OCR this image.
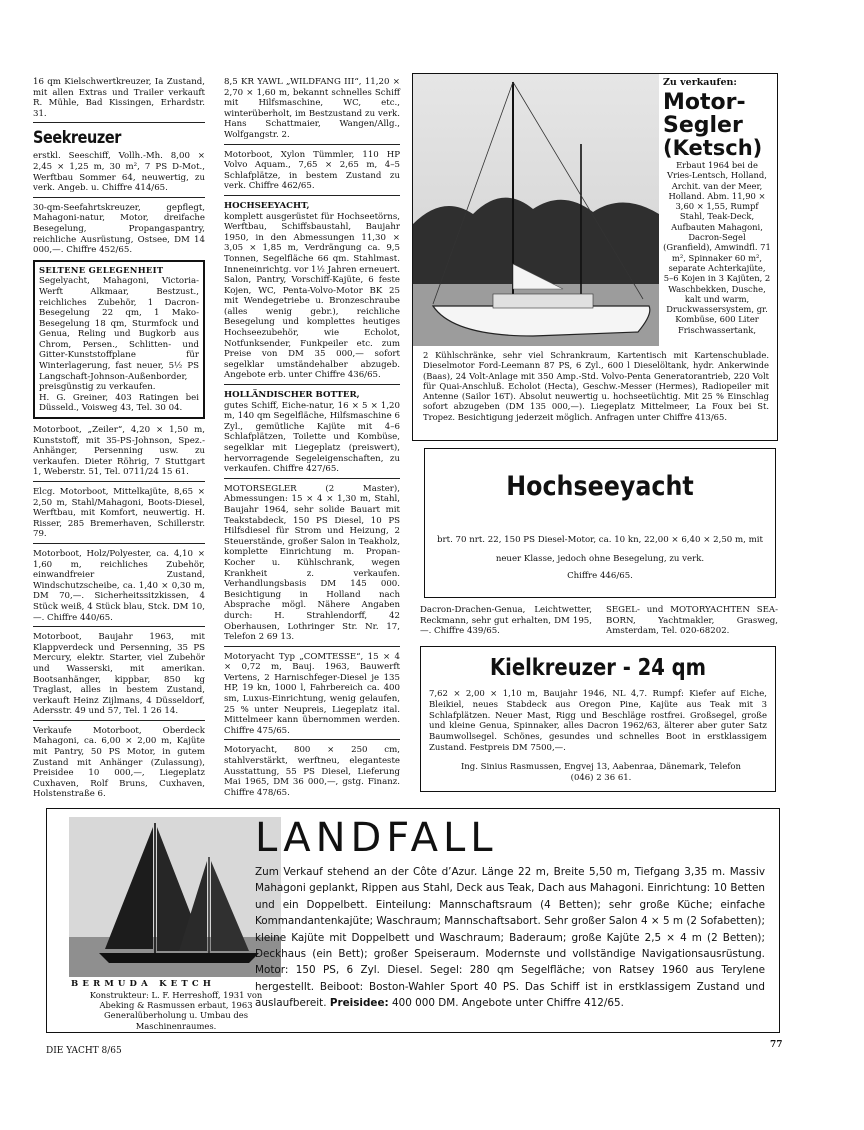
16 qm Kielschwertkreuzer, Ia Zustand, mit allen Extras und Trailer verkauft R. Mühle, Bad Kissingen, Erhardstr. 31.

Seekreuzer

erstkl. Seeschiff, Vollh.-Mh. 8,00 × 2,45 × 1,25 m, 30 m², 7 PS D-Mot., Werftbau Sommer 64, neuwertig, zu verk. Angeb. u. Chiffre 414/65.

30-qm-Seefahrtskreuzer, gepflegt, Mahagoni-natur, Motor, dreifache Besegelung, Propangaspantry, reichliche Ausrüstung, Ostsee, DM 14 000,—. Chiffre 452/65.

SELTENE GELEGENHEIT

Segelyacht, Mahagoni, Victoria-Werft Alkmaar, Bestzust., reichliches Zubehör, 1 Dacron-Besegelung 22 qm, 1 Mako-Besegelung 18 qm, Sturmfock und Genua, Reling und Bugkorb aus Chrom, Persen., Schlitten- und Gitter-Kunststoffplane für Winterlagerung, fast neuer, 5½ PS Langschaft-Johnson-Außenborder, preisgünstig zu verkaufen.

H. G. Greiner, 403 Ratingen bei Düsseld., Voisweg 43, Tel. 30 04.

Motorboot, „Zeiler“, 4,20 × 1,50 m, Kunststoff, mit 35-PS-Johnson, Spez.-Anhänger, Persenning usw. zu verkaufen. Dieter Röhrig, 7 Stuttgart 1, Weberstr. 51, Tel. 0711/24 15 61.

Elcg. Motorboot, Mittelkajüte, 8,65 × 2,50 m, Stahl/Mahagoni, Boots-Diesel, Werftbau, mit Komfort, neuwertig. H. Risser, 285 Bremerhaven, Schillerstr. 79.

Motorboot, Holz/Polyester, ca. 4,10 × 1,60 m, reichliches Zubehör, einwandfreier Zustand, Windschutzscheibe, ca. 1,40 × 0,30 m, DM 70,—. Sicherheitssitzkissen, 4 Stück weiß, 4 Stück blau, Stck. DM 10,—. Chiffre 440/65.

Motorboot, Baujahr 1963, mit Klappverdeck und Persenning, 35 PS Mercury, elektr. Starter, viel Zubehör und Wasserski, mit amerikan. Bootsanhänger, kippbar, 850 kg Traglast, alles in bestem Zustand, verkauft Heinz Zijlmans, 4 Düsseldorf, Adersstr. 49 und 57, Tel. 1 26 14.

Verkaufe Motorboot, Oberdeck Mahagoni, ca. 6,00 × 2,00 m, Kajüte mit Pantry, 50 PS Motor, in gutem Zustand mit Anhänger (Zulassung), Preisidee 10 000,—, Liegeplatz Cuxhaven, Rolf Bruns, Cuxhaven, Holstenstraße 6.

8,5 KR YAWL „WILDFANG III“, 11,20 × 2,70 × 1,60 m, bekannt schnelles Schiff mit Hilfsmaschine, WC, etc., winterüberholt, im Bestzustand zu verk. Hans Schattmaier, Wangen/Allg., Wolfgangstr. 2.

Motorboot, Xylon Tümmler, 110 HP Volvo Aquam., 7,65 × 2,65 m, 4–5 Schlafplätze, in bestem Zustand zu verk. Chiffre 462/65.

HOCHSEEYACHT,

komplett ausgerüstet für Hochseetörns, Werftbau, Schiffsbaustahl, Baujahr 1950, in den Abmessungen 11,30 × 3,05 × 1,85 m, Verdrängung ca. 9,5 Tonnen, Segelfläche 66 qm. Stahlmast. Inneneinrichtg. vor 1½ Jahren erneuert. Salon, Pantry, Vorschiff-Kajüte, 6 feste Kojen, WC, Penta-Volvo-Motor BK 25 mit Wendegetriebe u. Bronzeschraube (alles wenig gebr.), reichliche Besegelung und komplettes heutiges Hochseezubehör, wie Echolot, Notfunksender, Funkpeiler etc. zum Preise von DM 35 000,— sofort segelklar umständehalber abzugeb. Angebote erb. unter Chiffre 436/65.

HOLLÄNDISCHER BOTTER,

gutes Schiff, Eiche-natur, 16 × 5 × 1,20 m, 140 qm Segelfläche, Hilfsmaschine 6 Zyl., gemütliche Kajüte mit 4–6 Schlafplätzen, Toilette und Kombüse, segelklar mit Liegeplatz (preiswert), hervorragende Segeleigenschaften, zu verkaufen. Chiffre 427/65.

MOTORSEGLER (2 Master), Abmessungen: 15 × 4 × 1,30 m, Stahl, Baujahr 1964, sehr solide Bauart mit Teakstabdeck, 150 PS Diesel, 10 PS Hilfsdiesel für Strom und Heizung, 2 Steuerstände, großer Salon in Teakholz, komplette Einrichtung m. Propan-Kocher u. Kühlschrank, wegen Krankheit z. verkaufen. Verhandlungsbasis DM 145 000. Besichtigung in Holland nach Absprache mögl. Nähere Angaben durch: H. Strahlendorff, 42 Oberhausen, Lothringer Str. Nr. 17, Telefon 2 69 13.

Motoryacht Typ „COMTESSE“, 15 × 4 × 0,72 m, Bauj. 1963, Bauwerft Vertens, 2 Harnischfeger-Diesel je 135 HP, 19 kn, 1000 l, Fahrbereich ca. 400 sm, Luxus-Einrichtung, wenig gelaufen, 25 % unter Neupreis, Liegeplatz ital. Mittelmeer kann übernommen werden. Chiffre 475/65.

Motoryacht, 800 × 250 cm, stahlverstärkt, werftneu, eleganteste Ausstattung, 55 PS Diesel, Lieferung Mai 1965, DM 36 000,—, gstg. Finanz. Chiffre 478/65.

Zu verkaufen:
Motor-
Segler
(Ketsch)

Erbaut 1964 bei de Vries-Lentsch, Holland, Archit. van der Meer, Holland. Abm. 11,90 × 3,60 × 1,55, Rumpf Stahl, Teak-Deck, Aufbauten Mahagoni, Dacron-Segel (Granfield), Amwindfl. 71 m², Spinnaker 60 m², separate Achterkajüte, 5–6 Kojen in 3 Kajüten, 2 Waschbekken, Dusche, kalt und warm, Druckwassersystem, gr. Kombüse, 600 Liter Frischwassertank,

2 Kühlschränke, sehr viel Schrankraum, Kartentisch mit Kartenschublade. Dieselmotor Ford-Leemann 87 PS, 6 Zyl., 600 l Dieselöltank, hydr. Ankerwinde (Baas), 24 Volt-Anlage mit 350 Amp.-Std. Volvo-Penta Generatorantrieb, 220 Volt für Quai-Anschluß. Echolot (Hecta), Geschw.-Messer (Hermes), Radiopeiler mit Antenne (Sailor 16T). Absolut neuwertig u. hochseetüchtig. Mit 25 % Einschlag sofort abzugeben (DM 135 000,—). Liegeplatz Mittelmeer, La Foux bei St. Tropez. Besichtigung jederzeit möglich. Anfragen unter Chiffre 413/65.

Hochseeyacht

brt. 70 nrt. 22, 150 PS Diesel-Motor, ca. 10 kn, 22,00 × 6,40 × 2,50 m, mit neuer Klasse, jedoch ohne Besegelung, zu verk.

Chiffre 446/65.

Dacron-Drachen-Genua, Leichtwetter, Reckmann, sehr gut erhalten, DM 195,—. Chiffre 439/65.

SEGEL- und MOTORYACHTEN SEA-BORN, Yachtmakler, Grasweg, Amsterdam, Tel. 020-68202.

Kielkreuzer - 24 qm

7,62 × 2,00 × 1,10 m, Baujahr 1946, NL 4,7. Rumpf: Kiefer auf Eiche, Bleikiel, neues Stabdeck aus Oregon Pine, Kajüte aus Teak mit 3 Schlafplätzen. Neuer Mast, Rigg und Beschläge rostfrei. Großsegel, große und kleine Genua, Spinnaker, alles Dacron 1962/63, älterer aber guter Satz Baumwollsegel. Schönes, gesundes und schnelles Boot in erstklassigem Zustand. Festpreis DM 7500,—.

Ing. Sinius Rasmussen, Engvej 13, Aabenraa, Dänemark, Telefon (046) 2 36 61.

BERMUDA KETCH

Konstrukteur: L. F. Herreshoff, 1931 von Abeking & Rasmussen erbaut, 1963 Generalüberholung u. Umbau des Maschinenraumes.

LANDFALL

Zum Verkauf stehend an der Côte d’Azur. Länge 22 m, Breite 5,50 m, Tiefgang 3,35 m. Massiv Mahagoni geplankt, Rippen aus Stahl, Deck aus Teak, Dach aus Mahagoni. Einrichtung: 10 Betten und ein Doppelbett. Einteilung: Mannschaftsraum (4 Betten); sehr große Küche; einfache Kommandantenkajüte; Waschraum; Mannschaftsabort. Sehr großer Salon 4 × 5 m (2 Sofabetten); kleine Kajüte mit Doppelbett und Waschraum; Baderaum; große Kajüte 2,5 × 4 m (2 Betten); Deckhaus (ein Bett); großer Speiseraum. Modernste und vollständige Navigationsausrüstung. Motor: 150 PS, 6 Zyl. Diesel. Segel: 280 qm Segelfläche; von Ratsey 1960 aus Terylene hergestellt. Beiboot: Boston-Wahler Sport 40 PS. Das Schiff ist in erstklassigem Zustand und auslaufbereit. Preisidee: 400 000 DM. Angebote unter Chiffre 412/65.

DIE YACHT 8/65
77
